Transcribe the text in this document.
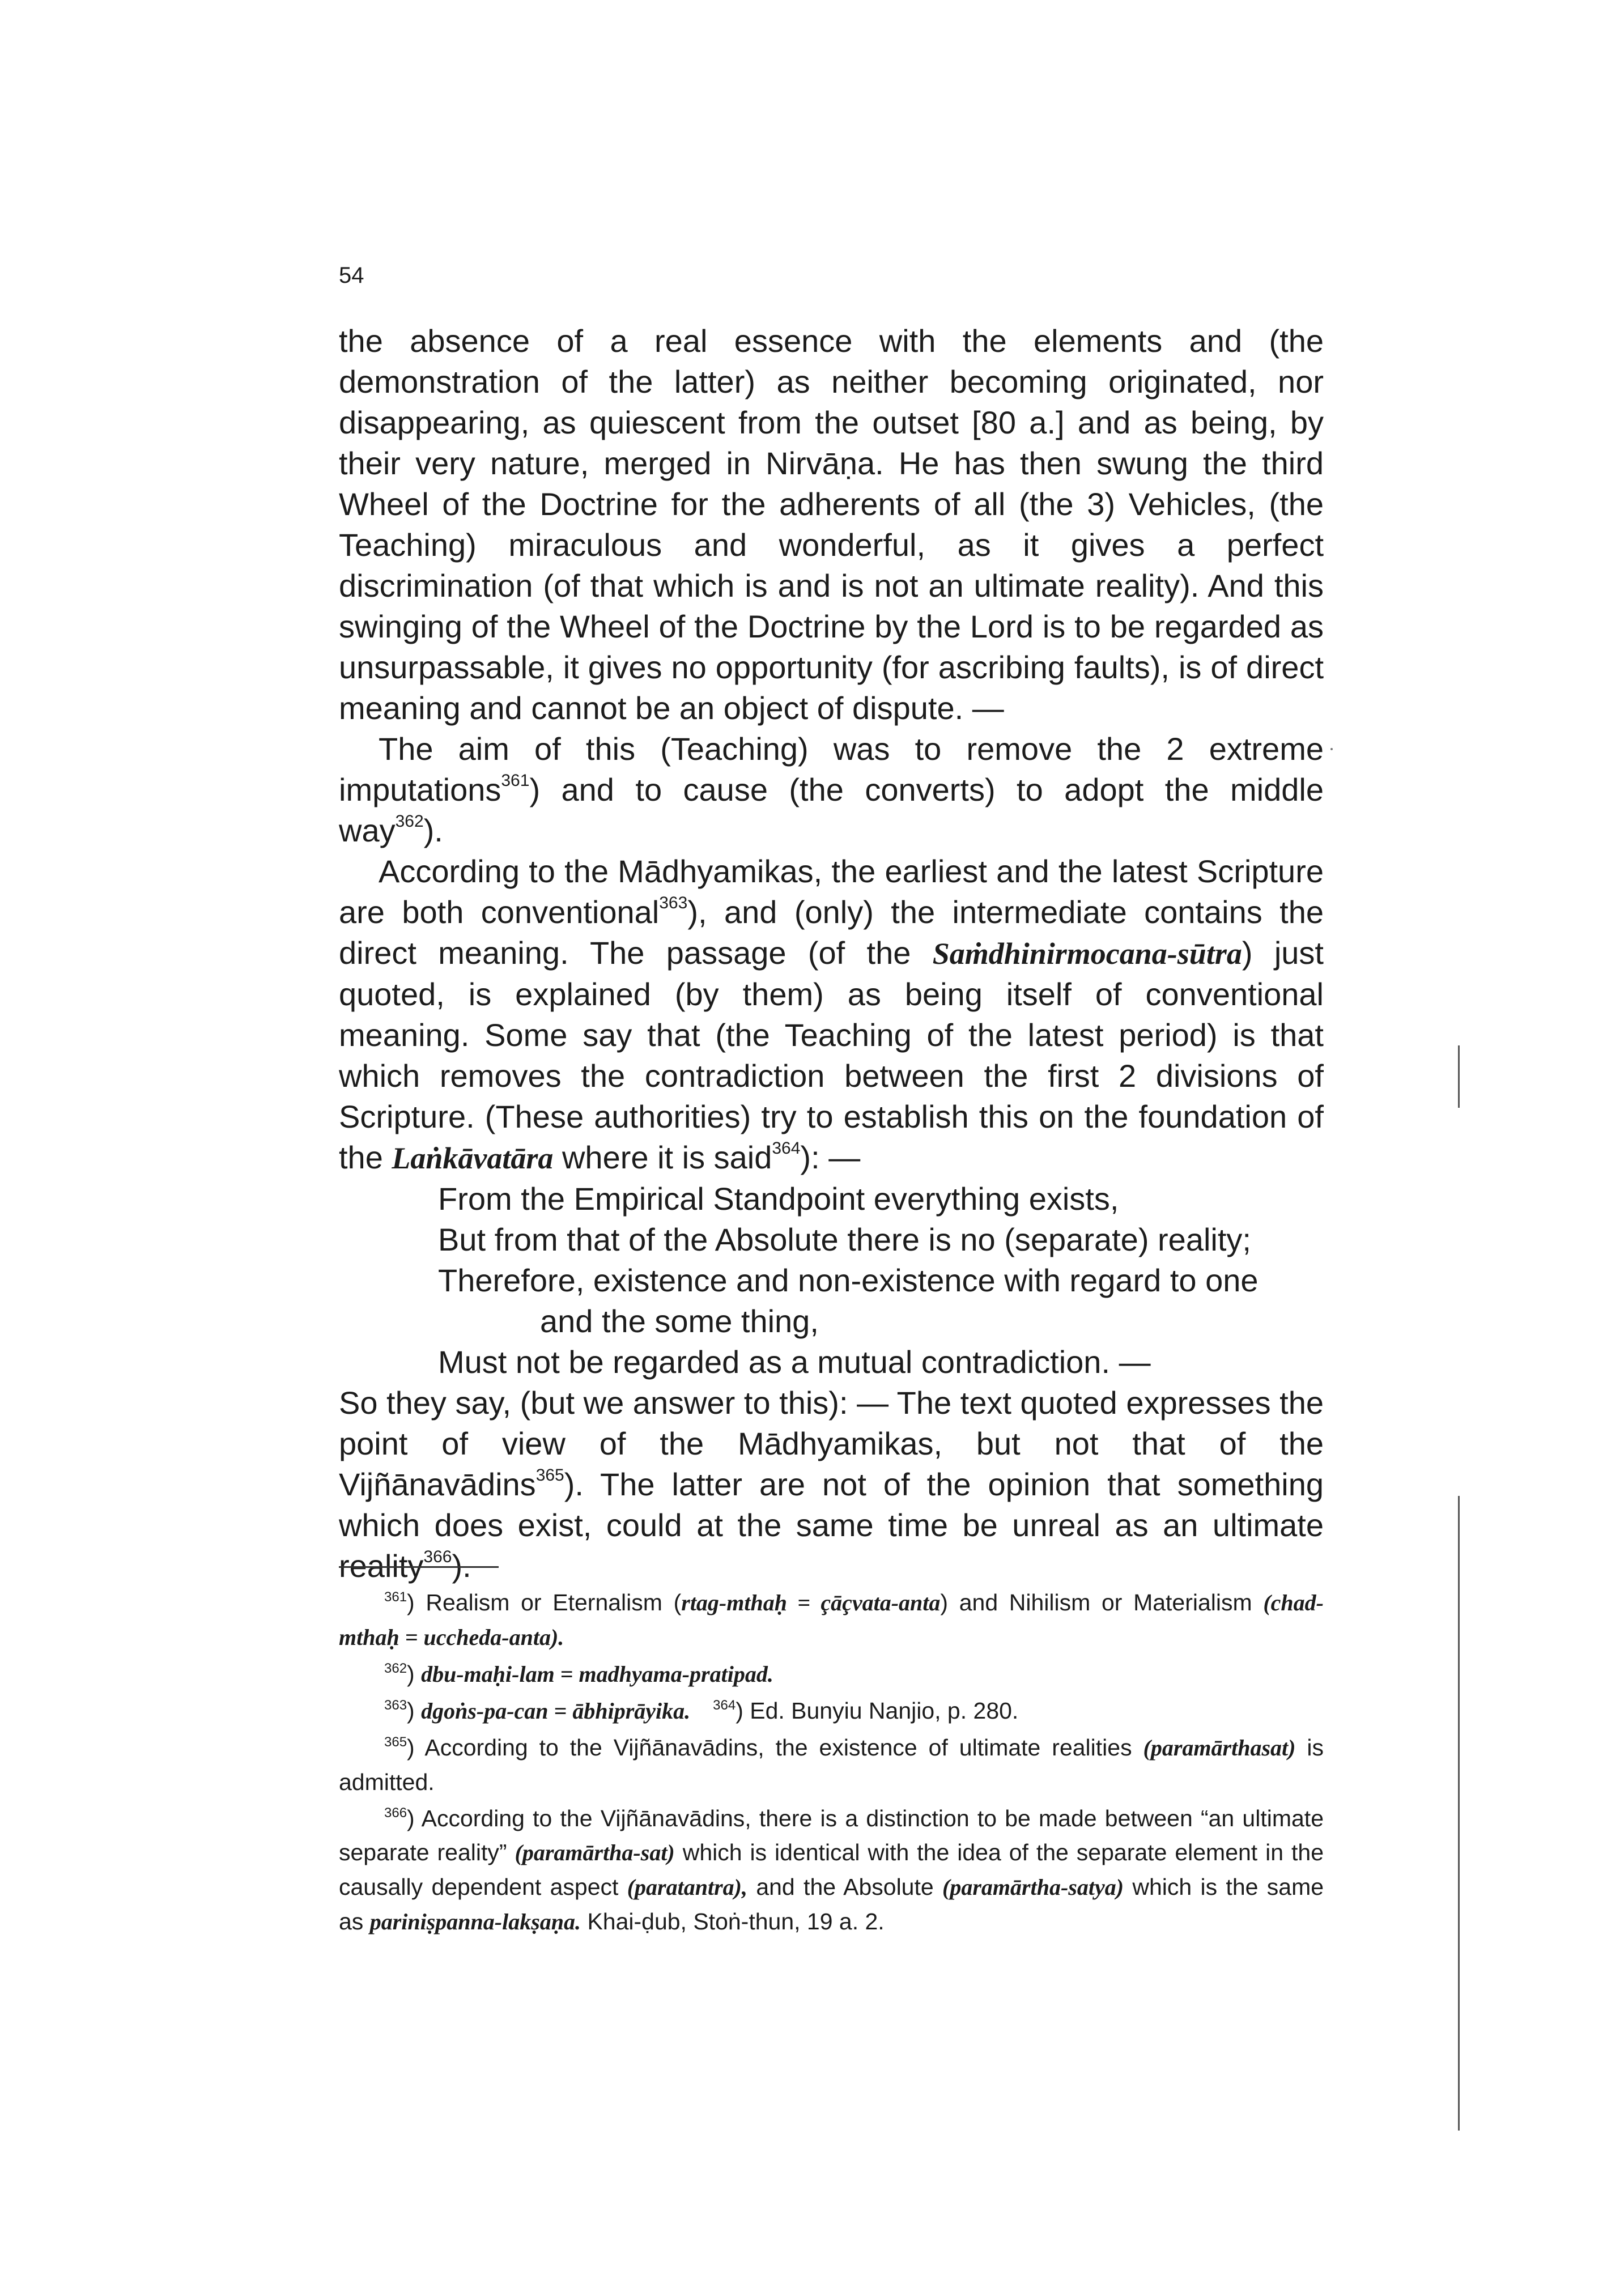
54

the absence of a real essence with the elements and (the demonstration of the latter) as neither becoming originated, nor disappearing, as quiescent from the outset [80 a.] and as being, by their very nature, merged in Nirvāṇa. He has then swung the third Wheel of the Doctrine for the adherents of all (the 3) Vehicles, (the Teaching) miraculous and wonderful, as it gives a perfect discrimination (of that which is and is not an ultimate reality). And this swinging of the Wheel of the Doctrine by the Lord is to be regarded as unsurpassable, it gives no opportunity (for ascribing faults), is of direct meaning and cannot be an object of dispute. —

The aim of this (Teaching) was to remove the 2 extreme imputations$^{361}$) and to cause (the converts) to adopt the middle way$^{362}$).

According to the Mādhyamikas, the earliest and the latest Scripture are both conventional$^{363}$), and (only) the intermediate contains the direct meaning. The passage (of the Saṁdhinirmocana-sūtra) just quoted, is explained (by them) as being itself of conventional meaning. Some say that (the Teaching of the latest period) is that which removes the contradiction between the first 2 divisions of Scripture. (These authorities) try to establish this on the foundation of the Laṅkāvatāra where it is said$^{364}$): —

From the Empirical Standpoint everything exists,
But from that of the Absolute there is no (separate) reality;
Therefore, existence and non-existence with regard to one
and the some thing,
Must not be regarded as a mutual contradiction. —

So they say, (but we answer to this): — The text quoted expresses the point of view of the Mādhyamikas, but not that of the Vijñānavādins$^{365}$). The latter are not of the opinion that something which does exist, could at the same time be unreal as an ultimate reality$^{366}$).

$^{361}$) Realism or Eternalism (rtag-mthaḥ = çāçvata-anta) and Nihilism or Materialism (chad-mthaḥ = uccheda-anta).

$^{362}$) dbu-maḥi-lam = madhyama-pratipad.

$^{363}$) dgoṅs-pa-can = ābhiprāyika. $^{364}$) Ed. Bunyiu Nanjio, p. 280.

$^{365}$) According to the Vijñānavādins, the existence of ultimate realities (paramārthasat) is admitted.

$^{366}$) According to the Vijñānavādins, there is a distinction to be made between “an ultimate separate reality” (paramārtha-sat) which is identical with the idea of the separate element in the causally dependent aspect (paratantra), and the Absolute (paramārtha-satya) which is the same as pariniṣpanna-lakṣaṇa. Khai-ḍub, Stoṅ-thun, 19 a. 2.
